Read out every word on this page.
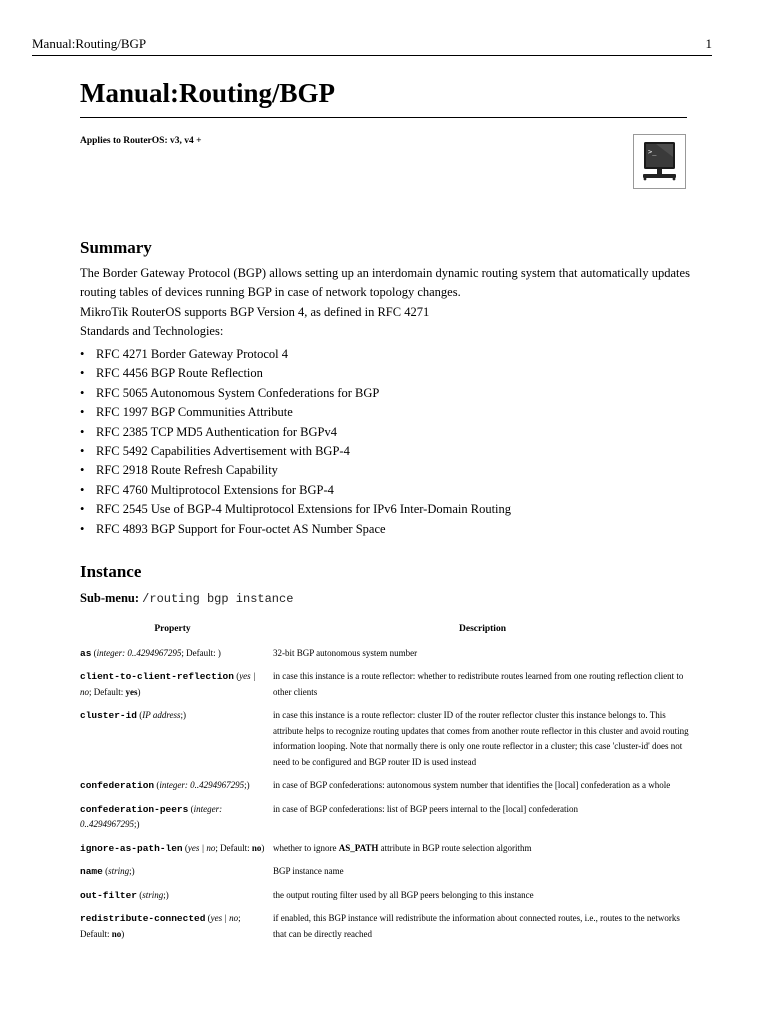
Manual:Routing/BGP	1
Manual:Routing/BGP
Applies to RouterOS: v3, v4 +
>_
Summary

The Border Gateway Protocol (BGP) allows setting up an interdomain dynamic routing system that automatically updates routing tables of devices running BGP in case of network topology changes.

MikroTik RouterOS supports BGP Version 4, as defined in RFC 4271

Standards and Technologies:

• RFC 4271 Border Gateway Protocol 4
• RFC 4456 BGP Route Reflection
• RFC 5065 Autonomous System Confederations for BGP
• RFC 1997 BGP Communities Attribute
• RFC 2385 TCP MD5 Authentication for BGPv4
• RFC 5492 Capabilities Advertisement with BGP-4
• RFC 2918 Route Refresh Capability
• RFC 4760 Multiprotocol Extensions for BGP-4
• RFC 2545 Use of BGP-4 Multiprotocol Extensions for IPv6 Inter-Domain Routing
• RFC 4893 BGP Support for Four-octet AS Number Space
Instance
Sub-menu: /routing bgp instance
Property	Description
as (integer: 0..4294967295; Default: )	32-bit BGP autonomous system number
client-to-client-reflection (yes | no; Default: yes)	in case this instance is a route reflector: whether to redistribute routes learned from one routing reflection client to other clients
cluster-id (IP address;)	in case this instance is a route reflector: cluster ID of the router reflector cluster this instance belongs to. This attribute helps to recognize routing updates that comes from another route reflector in this cluster and avoid routing information looping. Note that normally there is only one route reflector in a cluster; this case 'cluster-id' does not need to be configured and BGP router ID is used instead
confederation (integer: 0..4294967295;)	in case of BGP confederations: autonomous system number that identifies the [local] confederation as a whole
confederation-peers (integer: 0..4294967295;)	in case of BGP confederations: list of BGP peers internal to the [local] confederation
ignore-as-path-len (yes | no; Default: no)	whether to ignore AS_PATH attribute in BGP route selection algorithm
name (string;)	BGP instance name
out-filter (string;)	the output routing filter used by all BGP peers belonging to this instance
redistribute-connected (yes | no; Default: no)	if enabled, this BGP instance will redistribute the information about connected routes, i.e., routes to the networks that can be directly reached
